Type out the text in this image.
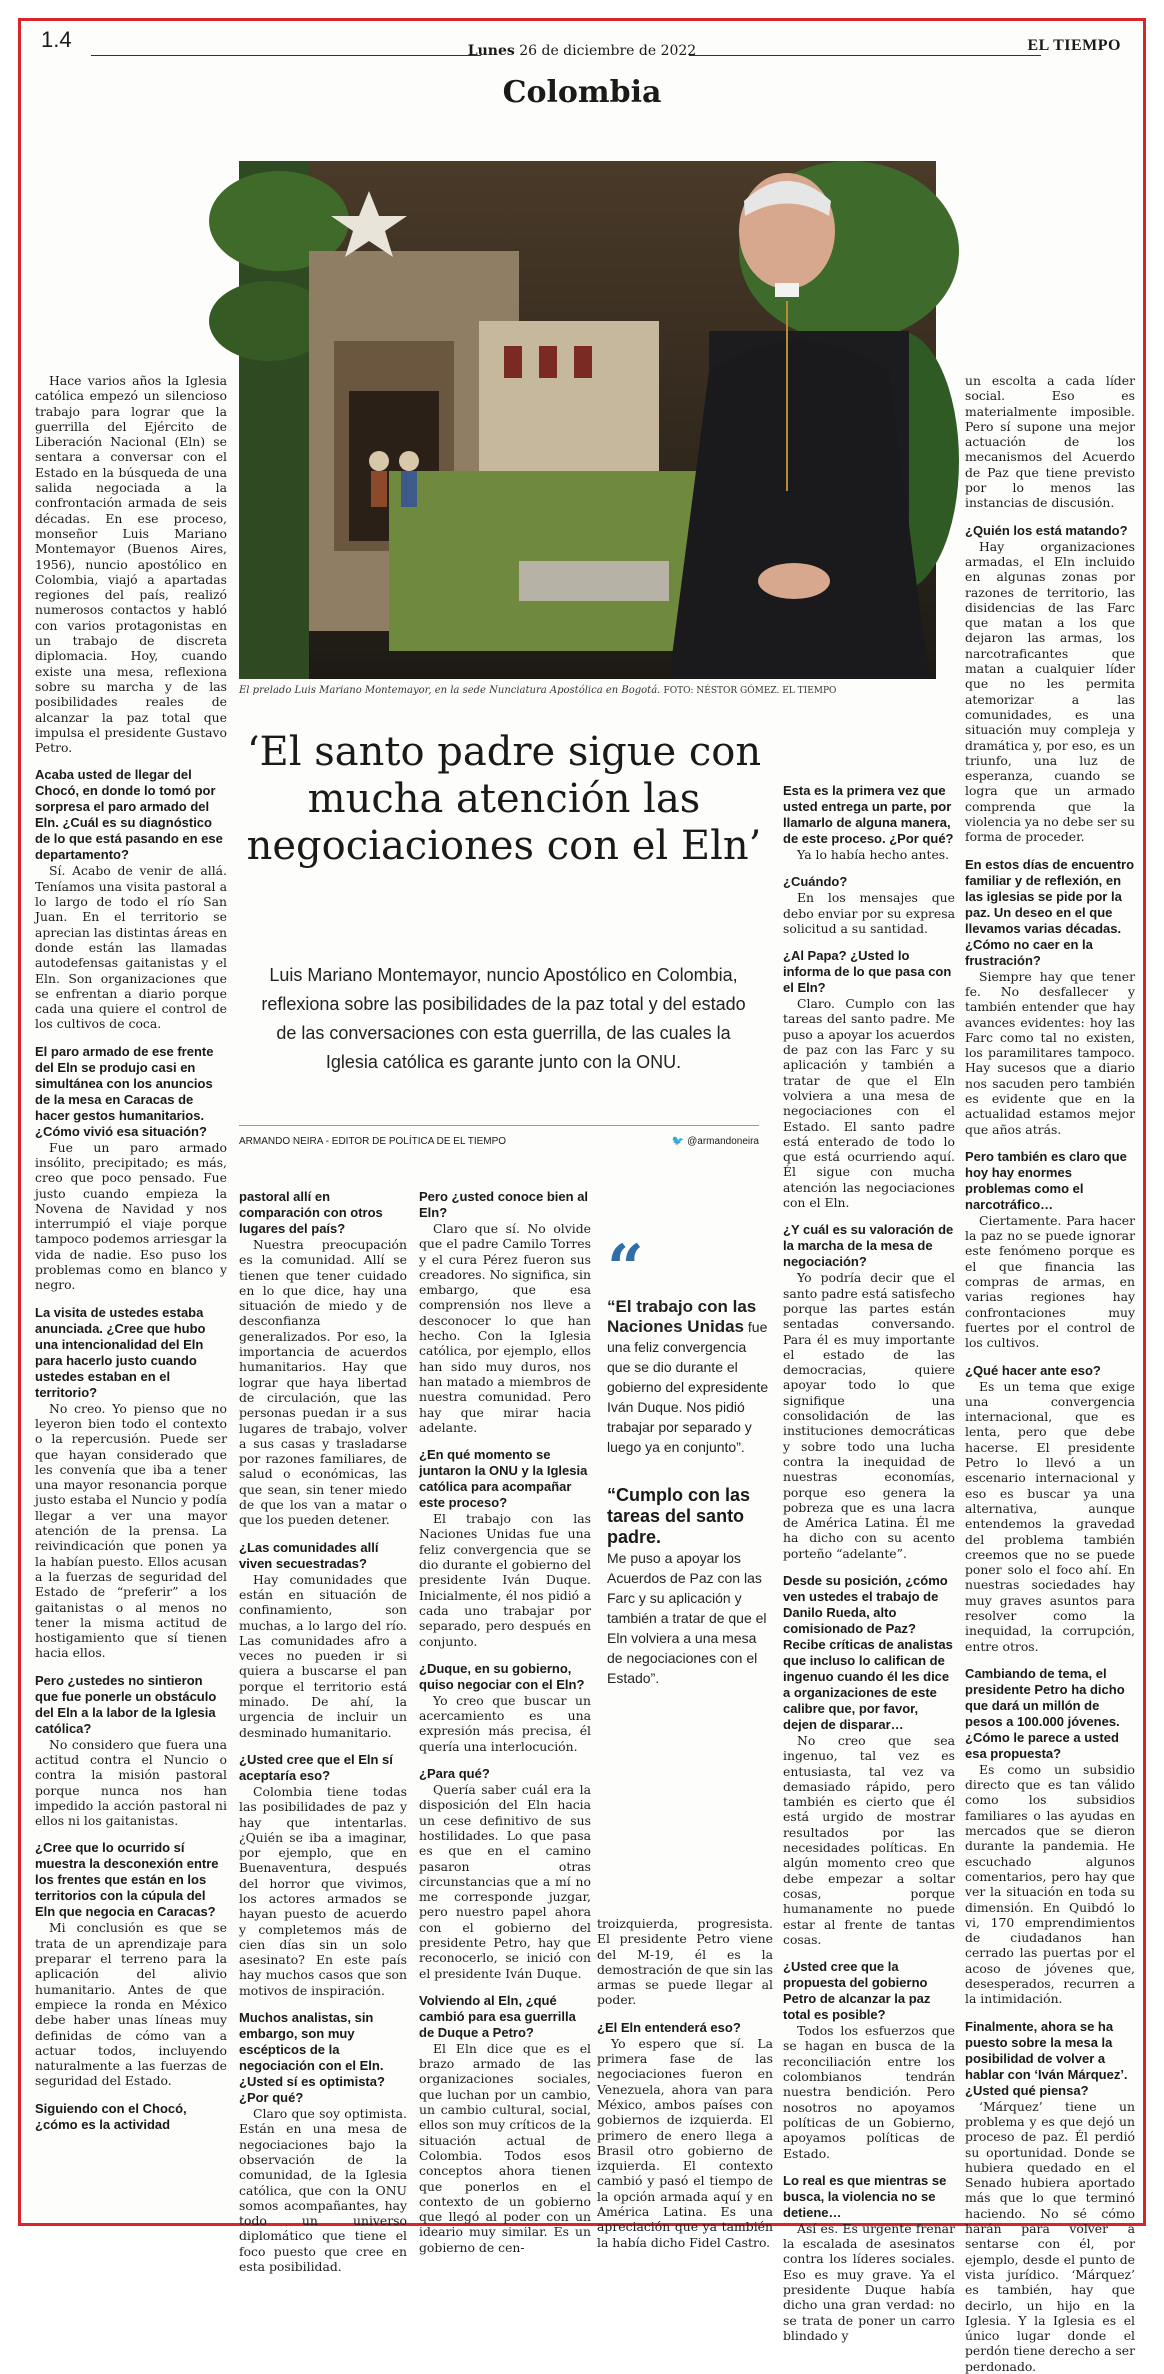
1.4	Lunes 26 de diciembre de 2022	EL TIEMPO
Colombia
El prelado Luis Mariano Montemayor, en la sede Nunciatura Apostólica en Bogotá. FOTO: NÉSTOR GÓMEZ. EL TIEMPO
‘El santo padre sigue con mucha atención las negociaciones con el Eln’
Luis Mariano Montemayor, nuncio Apostólico en Colombia, reflexiona sobre las posibilidades de la paz total y del estado de las conversaciones con esta guerrilla, de las cuales la Iglesia católica es garante junto con la ONU.
ARMANDO NEIRA - EDITOR DE POLÍTICA DE EL TIEMPO	🐦 @armandoneira
“
“El trabajo con las Naciones Unidas fue una feliz convergencia que se dio durante el gobierno del expresidente Iván Duque. Nos pidió trabajar por separado y luego ya en conjunto”.
“Cumplo con las tareas del santo padre.
Me puso a apoyar los Acuerdos de Paz con las Farc y su aplicación y también a tratar de que el Eln volviera a una mesa de negociaciones con el Estado”.

Hace varios años la Iglesia católica empezó un silencioso trabajo para lograr que la guerrilla del Ejército de Liberación Nacional (Eln) se sentara a conversar con el Estado en la búsqueda de una salida negociada a la confrontación armada de seis décadas. En ese proceso, monseñor Luis Mariano Montemayor (Buenos Aires, 1956), nuncio apostólico en Colombia, viajó a apartadas regiones del país, realizó numerosos contactos y habló con varios protagonistas en un trabajo de discreta diplomacia. Hoy, cuando existe una mesa, reflexiona sobre su marcha y de las posibilidades reales de alcanzar la paz total que impulsa el presidente Gustavo Petro.

Acaba usted de llegar del Chocó, en donde lo tomó por sorpresa el paro armado del Eln. ¿Cuál es su diagnóstico de lo que está pasando en ese departamento?

Sí. Acabo de venir de allá. Teníamos una visita pastoral a lo largo de todo el río San Juan. En el territorio se aprecian las distintas áreas en donde están las llamadas autodefensas gaitanistas y el Eln. Son organizaciones que se enfrentan a diario porque cada una quiere el control de los cultivos de coca.

El paro armado de ese frente del Eln se produjo casi en simultánea con los anuncios de la mesa en Caracas de hacer gestos humanitarios. ¿Cómo vivió esa situación?

Fue un paro armado insólito, precipitado; es más, creo que poco pensado. Fue justo cuando empieza la Novena de Navidad y nos interrumpió el viaje porque tampoco podemos arriesgar la vida de nadie. Eso puso los problemas como en blanco y negro.

La visita de ustedes estaba anunciada. ¿Cree que hubo una intencionalidad del Eln para hacerlo justo cuando ustedes estaban en el territorio?

No creo. Yo pienso que no leyeron bien todo el contexto o la repercusión. Puede ser que hayan considerado que les convenía que iba a tener una mayor resonancia porque justo estaba el Nuncio y podía llegar a ver una mayor atención de la prensa. La reivindicación que ponen ya la habían puesto. Ellos acusan a la fuerzas de seguridad del Estado de “preferir” a los gaitanistas o al menos no tener la misma actitud de hostigamiento que sí tienen hacia ellos.

Pero ¿ustedes no sintieron que fue ponerle un obstáculo del Eln a la labor de la Iglesia católica?

No considero que fuera una actitud contra el Nuncio o contra la misión pastoral porque nunca nos han impedido la acción pastoral ni ellos ni los gaitanistas.

¿Cree que lo ocurrido sí muestra la desconexión entre los frentes que están en los territorios con la cúpula del Eln que negocia en Caracas?

Mi conclusión es que se trata de un aprendizaje para preparar el terreno para la aplicación del alivio humanitario. Antes de que empiece la ronda en México debe haber unas líneas muy definidas de cómo van a actuar todos, incluyendo naturalmente a las fuerzas de seguridad del Estado.

Siguiendo con el Chocó, ¿cómo es la actividad
pastoral allí en comparación con otros lugares del país?

Nuestra preocupación es la comunidad. Allí se tienen que tener cuidado en lo que dice, hay una situación de miedo y de desconfianza generalizados. Por eso, la importancia de acuerdos humanitarios. Hay que lograr que haya libertad de circulación, que las personas puedan ir a sus lugares de trabajo, volver a sus casas y trasladarse por razones familiares, de salud o económicas, las que sean, sin tener miedo de que los van a matar o que los pueden detener.

¿Las comunidades allí viven secuestradas?

Hay comunidades que están en situación de confinamiento, son muchas, a lo largo del río. Las comunidades afro a veces no pueden ir si quiera a buscarse el pan porque el territorio está minado. De ahí, la urgencia de incluir un desminado humanitario.

¿Usted cree que el Eln sí aceptaría eso?

Colombia tiene todas las posibilidades de paz y hay que intentarlas. ¿Quién se iba a imaginar, por ejemplo, que en Buenaventura, después del horror que vivimos, los actores armados se hayan puesto de acuerdo y completemos más de cien días sin un solo asesinato? En este país hay muchos casos que son motivos de inspiración.

Muchos analistas, sin embargo, son muy escépticos de la negociación con el Eln. ¿Usted sí es optimista? ¿Por qué?

Claro que soy optimista. Están en una mesa de negociaciones bajo la observación de la comunidad, de la Iglesia católica, que con la ONU somos acompañantes, hay todo un universo diplomático que tiene el foco puesto que cree en esta posibilidad.

Pero ¿usted conoce bien al Eln?

Claro que sí. No olvide que el padre Camilo Torres y el cura Pérez fueron sus creadores. No significa, sin embargo, que esa comprensión nos lleve a desconocer lo que han hecho. Con la Iglesia católica, por ejemplo, ellos han sido muy duros, nos han matado a miembros de nuestra comunidad. Pero hay que mirar hacia adelante.

¿En qué momento se juntaron la ONU y la Iglesia católica para acompañar este proceso?

El trabajo con las Naciones Unidas fue una feliz convergencia que se dio durante el gobierno del presidente Iván Duque. Inicialmente, él nos pidió a cada uno trabajar por separado, pero después en conjunto.

¿Duque, en su gobierno, quiso negociar con el Eln?

Yo creo que buscar un acercamiento es una expresión más precisa, él quería una interlocución.

¿Para qué?

Quería saber cuál era la disposición del Eln hacia un cese definitivo de sus hostilidades. Lo que pasa es que en el camino pasaron otras circunstancias que a mí no me corresponde juzgar, pero nuestro papel ahora con el gobierno del presidente Petro, hay que reconocerlo, se inició con el presidente Iván Duque.

Volviendo al Eln, ¿qué cambió para esa guerrilla de Duque a Petro?

El Eln dice que es el brazo armado de las organizaciones sociales, que luchan por un cambio, un cambio cultural, social, ellos son muy críticos de la situación actual de Colombia. Todos esos conceptos ahora tienen que ponerlos en el contexto de un gobierno que llegó al poder con un ideario muy similar. Es un gobierno de cen-

troizquierda, progresista. El presidente Petro viene del M-19, él es la demostración de que sin las armas se puede llegar al poder.

¿El Eln entenderá eso?

Yo espero que sí. La primera fase de las negociaciones fueron en Venezuela, ahora van para México, ambos países con gobiernos de izquierda. El primero de enero llega a Brasil otro gobierno de izquierda. El contexto cambió y pasó el tiempo de la opción armada aquí y en América Latina. Es una apreciación que ya también la había dicho Fidel Castro.

Esta es la primera vez que usted entrega un parte, por llamarlo de alguna manera, de este proceso. ¿Por qué?

Ya lo había hecho antes.

¿Cuándo?

En los mensajes que debo enviar por su expresa solicitud a su santidad.

¿Al Papa? ¿Usted lo informa de lo que pasa con el Eln?

Claro. Cumplo con las tareas del santo padre. Me puso a apoyar los acuerdos de paz con las Farc y su aplicación y también a tratar de que el Eln volviera a una mesa de negociaciones con el Estado. El santo padre está enterado de todo lo que está ocurriendo aquí. Él sigue con mucha atención las negociaciones con el Eln.

¿Y cuál es su valoración de la marcha de la mesa de negociación?

Yo podría decir que el santo padre está satisfecho porque las partes están sentadas conversando. Para él es muy importante el estado de las democracias, quiere apoyar todo lo que signifique una consolidación de las instituciones democráticas y sobre todo una lucha contra la inequidad de nuestras economías, porque eso genera la pobreza que es una lacra de América Latina. Él me ha dicho con su acento porteño “adelante”.

Desde su posición, ¿cómo ven ustedes el trabajo de Danilo Rueda, alto comisionado de Paz? Recibe críticas de analistas que incluso lo califican de ingenuo cuando él les dice a organizaciones de este calibre que, por favor, dejen de disparar…

No creo que sea ingenuo, tal vez es entusiasta, tal vez va demasiado rápido, pero también es cierto que él está urgido de mostrar resultados por las necesidades políticas. En algún momento creo que debe empezar a soltar cosas, porque humanamente no puede estar al frente de tantas cosas.

¿Usted cree que la propuesta del gobierno Petro de alcanzar la paz total es posible?

Todos los esfuerzos que se hagan en busca de la reconciliación entre los colombianos tendrán nuestra bendición. Pero nosotros no apoyamos políticas de un Gobierno, apoyamos políticas de Estado.

Lo real es que mientras se busca, la violencia no se detiene…

Así es. Es urgente frenar la escalada de asesinatos contra los líderes sociales. Eso es muy grave. Ya el presidente Duque había dicho una gran verdad: no se trata de poner un carro blindado y

un escolta a cada líder social. Eso es materialmente imposible. Pero sí supone una mejor actuación de los mecanismos del Acuerdo de Paz que tiene previsto por lo menos las instancias de discusión.

¿Quién los está matando?

Hay organizaciones armadas, el Eln incluido en algunas zonas por razones de territorio, las disidencias de las Farc que matan a los que dejaron las armas, los narcotraficantes que matan a cualquier líder que no les permita atemorizar a las comunidades, es una situación muy compleja y dramática y, por eso, es un triunfo, una luz de esperanza, cuando se logra que un armado comprenda que la violencia ya no debe ser su forma de proceder.

En estos días de encuentro familiar y de reflexión, en las iglesias se pide por la paz. Un deseo en el que llevamos varias décadas. ¿Cómo no caer en la frustración?

Siempre hay que tener fe. No desfallecer y también entender que hay avances evidentes: hoy las Farc como tal no existen, los paramilitares tampoco. Hay sucesos que a diario nos sacuden pero también es evidente que en la actualidad estamos mejor que años atrás.

Pero también es claro que hoy hay enormes problemas como el narcotráfico…

Ciertamente. Para hacer la paz no se puede ignorar este fenómeno porque es el que financia las compras de armas, en varias regiones hay confrontaciones muy fuertes por el control de los cultivos.

¿Qué hacer ante eso?

Es un tema que exige una convergencia internacional, que es lenta, pero que debe hacerse. El presidente Petro lo llevó a un escenario internacional y eso es buscar ya una alternativa, aunque entendemos la gravedad del problema también creemos que no se puede poner solo el foco ahí. En nuestras sociedades hay muy graves asuntos para resolver como la inequidad, la corrupción, entre otros.

Cambiando de tema, el presidente Petro ha dicho que dará un millón de pesos a 100.000 jóvenes. ¿Cómo le parece a usted esa propuesta?

Es como un subsidio directo que es tan válido como los subsidios familiares o las ayudas en mercados que se dieron durante la pandemia. He escuchado algunos comentarios, pero hay que ver la situación en toda su dimensión. En Quibdó lo vi, 170 emprendimientos de ciudadanos han cerrado las puertas por el acoso de jóvenes que, desesperados, recurren a la intimidación.

Finalmente, ahora se ha puesto sobre la mesa la posibilidad de volver a hablar con ‘Iván Márquez’. ¿Usted qué piensa?

‘Márquez’ tiene un problema y es que dejó un proceso de paz. Él perdió su oportunidad. Donde se hubiera quedado en el Senado hubiera aportado más que lo que terminó haciendo. No sé cómo harán para volver a sentarse con él, por ejemplo, desde el punto de vista jurídico. ‘Márquez’ es también, hay que decirlo, un hijo en la Iglesia. Y la Iglesia es el único lugar donde el perdón tiene derecho a ser perdonado.
